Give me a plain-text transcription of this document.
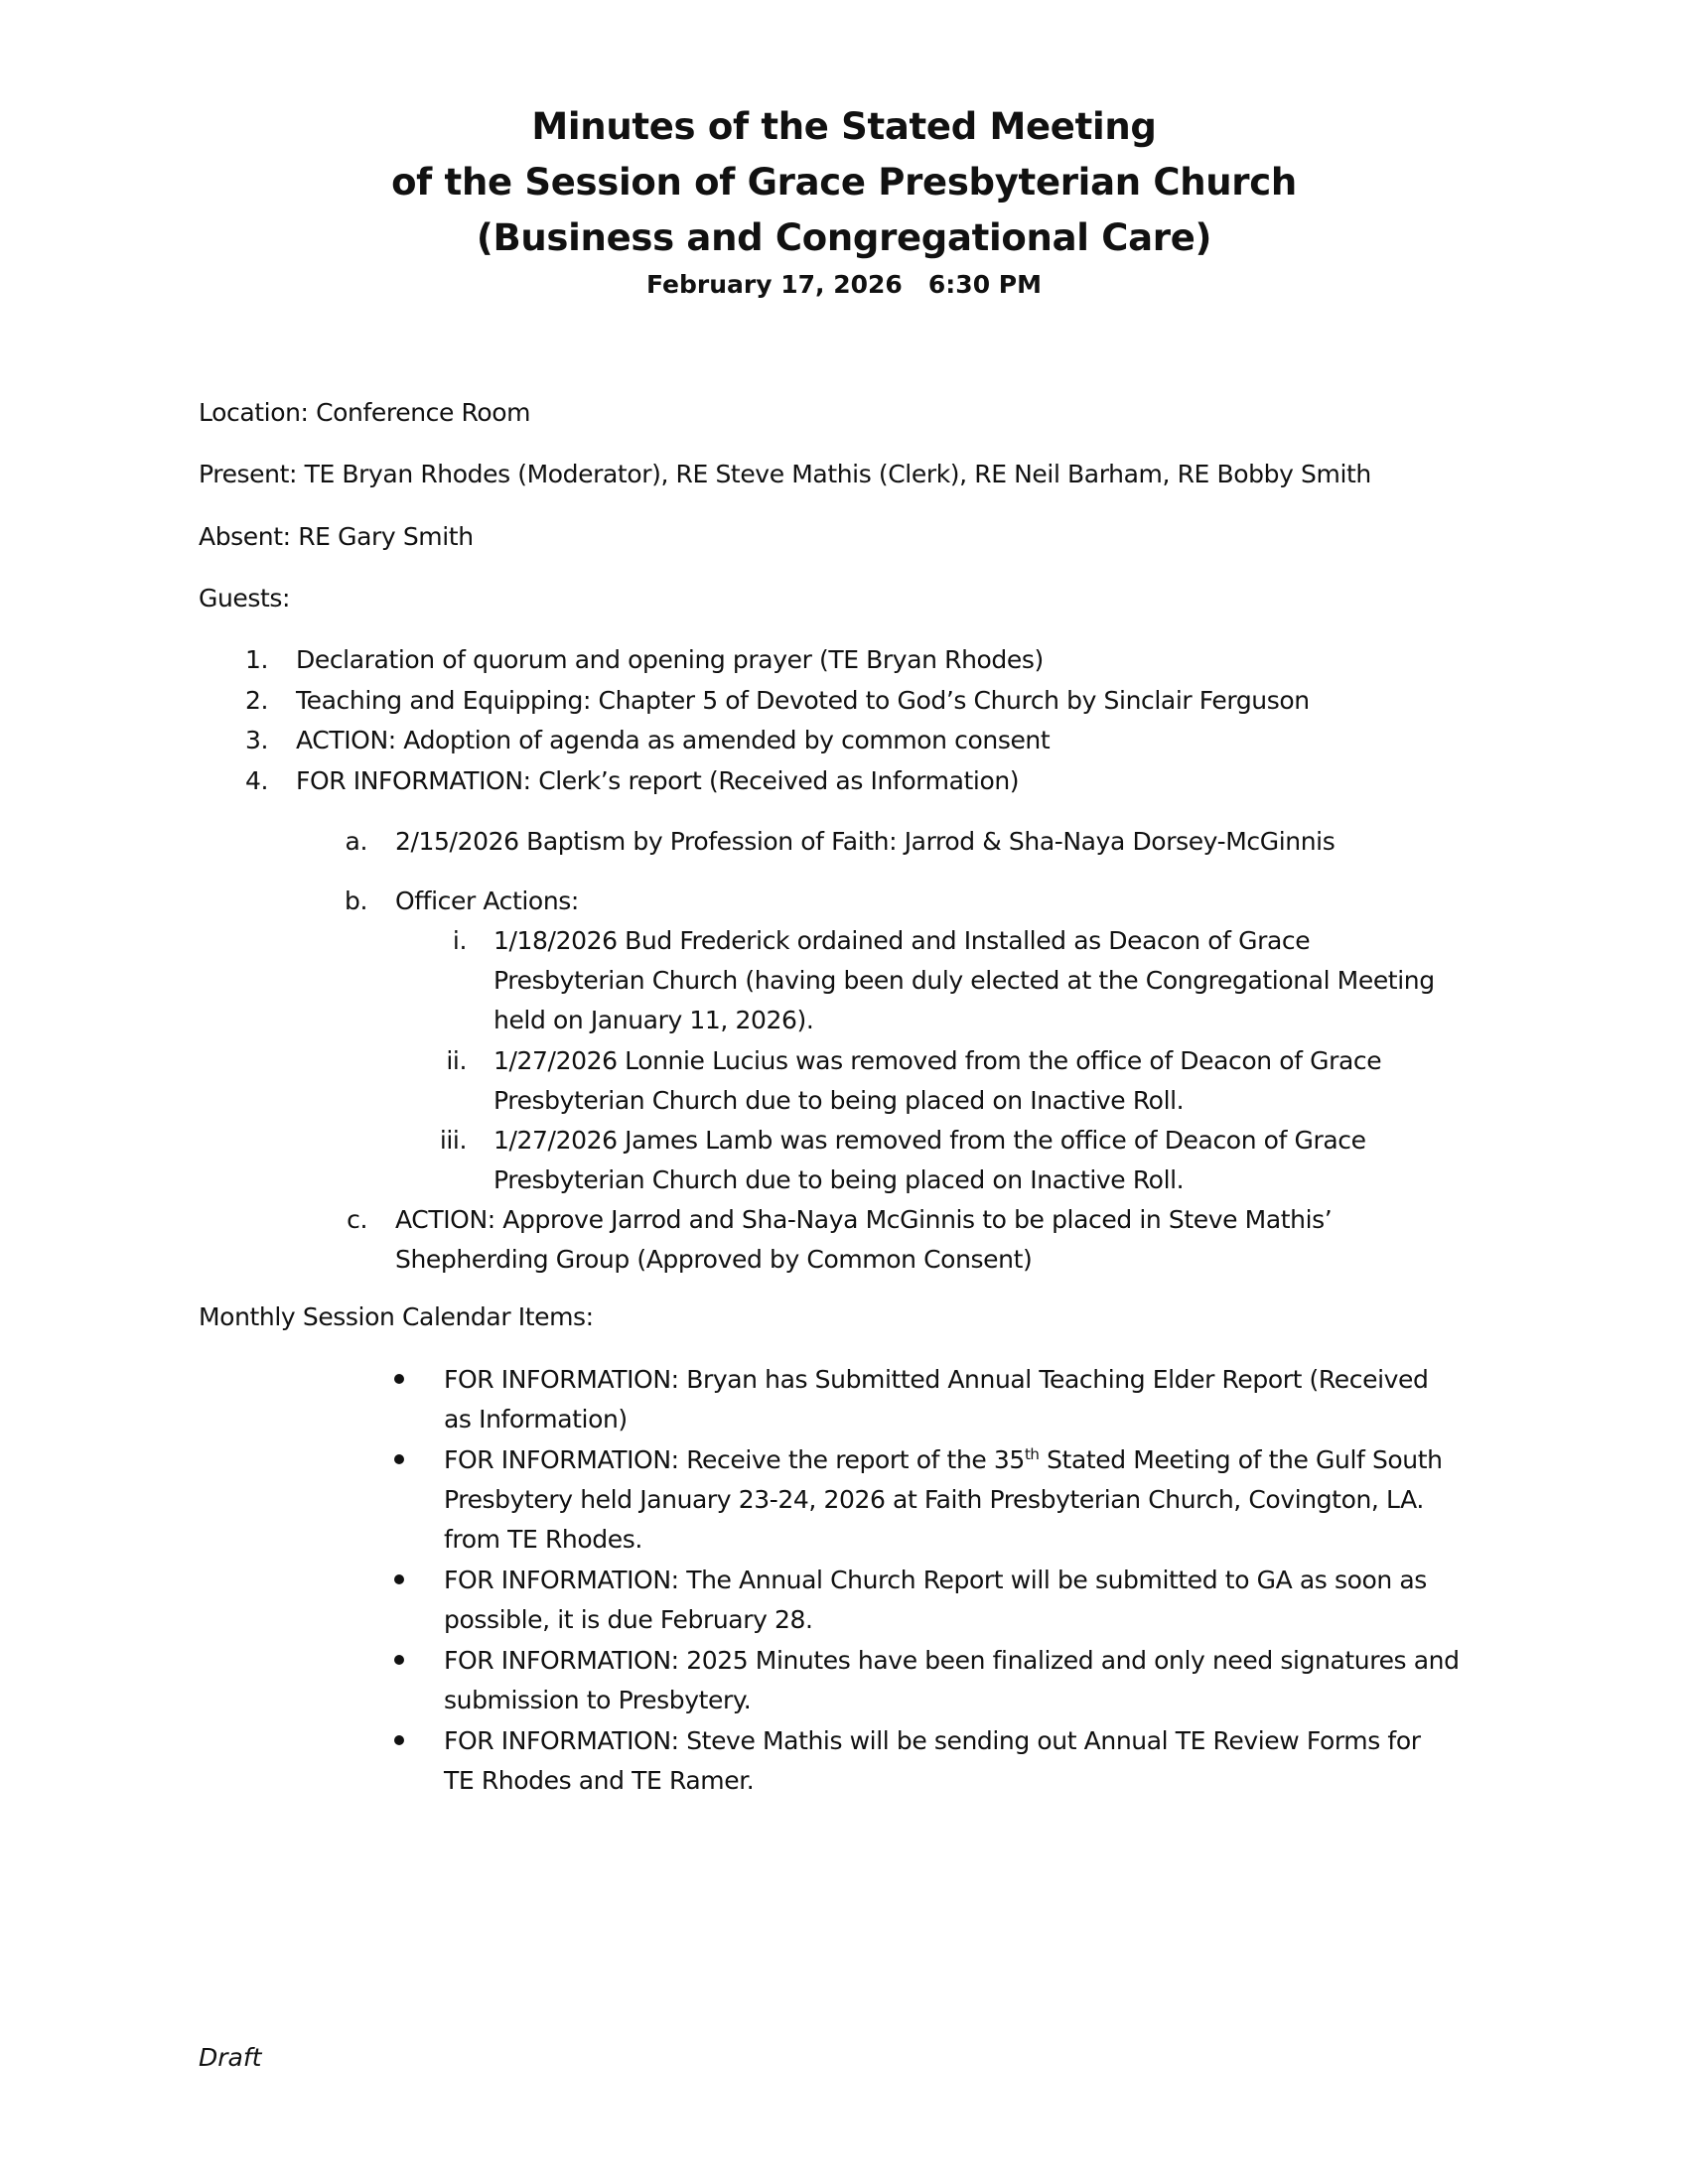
Minutes of the Stated Meeting
of the Session of Grace Presbyterian Church
(Business and Congregational Care)
February 17, 2026   6:30 PM
Location: Conference Room
Present: TE Bryan Rhodes (Moderator), RE Steve Mathis (Clerk), RE Neil Barham, RE Bobby Smith
Absent: RE Gary Smith
Guests:
1. Declaration of quorum and opening prayer (TE Bryan Rhodes)
2. Teaching and Equipping: Chapter 5 of Devoted to God’s Church by Sinclair Ferguson
3. ACTION: Adoption of agenda as amended by common consent
4. FOR INFORMATION: Clerk’s report (Received as Information)
a. 2/15/2026 Baptism by Profession of Faith: Jarrod & Sha-Naya Dorsey-McGinnis
b. Officer Actions:
i. 1/18/2026 Bud Frederick ordained and Installed as Deacon of Grace
Presbyterian Church (having been duly elected at the Congregational Meeting
held on January 11, 2026).
ii. 1/27/2026 Lonnie Lucius was removed from the office of Deacon of Grace
Presbyterian Church due to being placed on Inactive Roll.
iii. 1/27/2026 James Lamb was removed from the office of Deacon of Grace
Presbyterian Church due to being placed on Inactive Roll.
c. ACTION: Approve Jarrod and Sha-Naya McGinnis to be placed in Steve Mathis’
Shepherding Group (Approved by Common Consent)
Monthly Session Calendar Items:
FOR INFORMATION: Bryan has Submitted Annual Teaching Elder Report (Received
as Information)
FOR INFORMATION: Receive the report of the 35th Stated Meeting of the Gulf South
Presbytery held January 23-24, 2026 at Faith Presbyterian Church, Covington, LA.
from TE Rhodes.
FOR INFORMATION: The Annual Church Report will be submitted to GA as soon as
possible, it is due February 28.
FOR INFORMATION: 2025 Minutes have been finalized and only need signatures and
submission to Presbytery.
FOR INFORMATION: Steve Mathis will be sending out Annual TE Review Forms for
TE Rhodes and TE Ramer.
Draft
